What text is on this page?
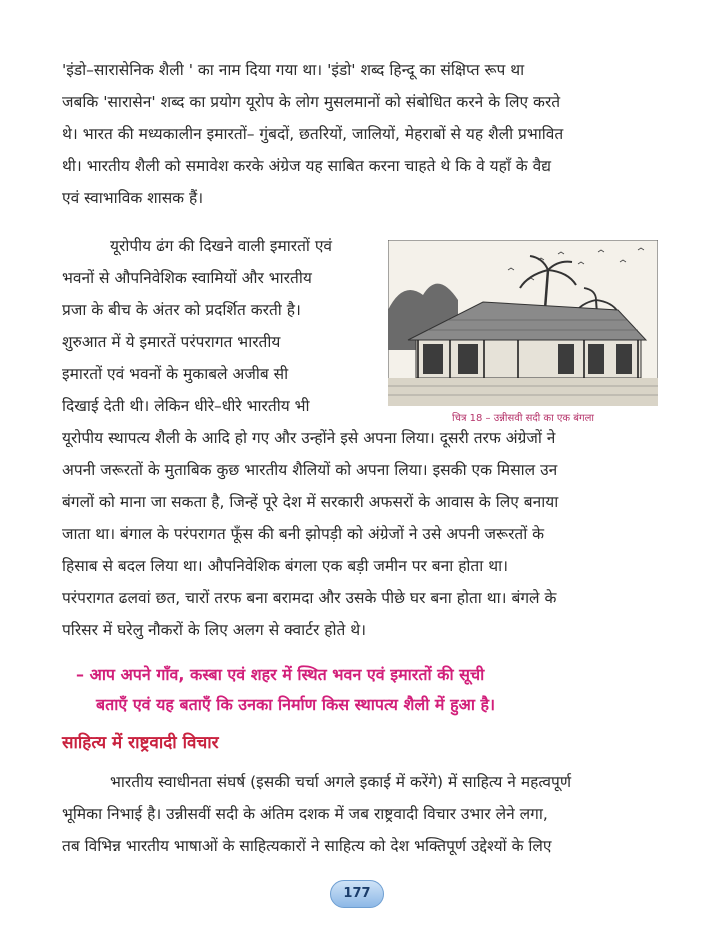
'इंडो–सारासेनिक शैली ' का नाम दिया गया था। 'इंडो' शब्द हिन्दू का संक्षिप्त रूप था
जबकि 'सारासेन' शब्द का प्रयोग यूरोप के लोग मुसलमानों को संबोधित करने के लिए करते
थे। भारत की मध्यकालीन इमारतों– गुंबदों, छतरियों, जालियों, मेहराबों से यह शैली प्रभावित
थी। भारतीय शैली को समावेश करके अंग्रेज यह साबित करना चाहते थे कि वे यहाँ के वैद्य
एवं स्वाभाविक शासक हैं।

यूरोपीय ढंग की दिखने वाली इमारतों एवं
भवनों से औपनिवेशिक स्वामियों और भारतीय
प्रजा के बीच के अंतर को प्रदर्शित करती है।
शुरुआत में ये इमारतें परंपरागत भारतीय
इमारतों एवं भवनों के मुकाबले अजीब सी
दिखाई देती थी। लेकिन धीरे–धीरे भारतीय भी

चित्र 18 – उन्नीसवी सदी का एक बंगला

यूरोपीय स्थापत्य शैली के आदि हो गए और उन्होंने इसे अपना लिया। दूसरी तरफ अंग्रेजों ने
अपनी जरूरतों के मुताबिक कुछ भारतीय शैलियों को अपना लिया। इसकी एक मिसाल उन
बंगलों को माना जा सकता है, जिन्हें पूरे देश में सरकारी अफसरों के आवास के लिए बनाया
जाता था। बंगाल के परंपरागत फूँस की बनी झोपड़ी को अंग्रेजों ने उसे अपनी जरूरतों के
हिसाब से बदल लिया था। औपनिवेशिक बंगला एक बड़ी जमीन पर बना होता था।
परंपरागत ढलवां छत, चारों तरफ बना बरामदा और उसके पीछे घर बना होता था। बंगले के
परिसर में घरेलु नौकरों के लिए अलग से क्वार्टर होते थे।

– आप अपने गाँव, कस्बा एवं शहर में स्थित भवन एवं इमारतों की सूची
बताएँ एवं यह बताएँ कि उनका निर्माण किस स्थापत्य शैली में हुआ है।
साहित्य में राष्ट्रवादी विचार

भारतीय स्वाधीनता संघर्ष (इसकी चर्चा अगले इकाई में करेंगे) में साहित्य ने महत्वपूर्ण
भूमिका निभाई है। उन्नीसवीं सदी के अंतिम दशक में जब राष्ट्रवादी विचार उभार लेने लगा,
तब विभिन्न भारतीय भाषाओं के साहित्यकारों ने साहित्य को देश भक्तिपूर्ण उद्देश्यों के लिए

177
